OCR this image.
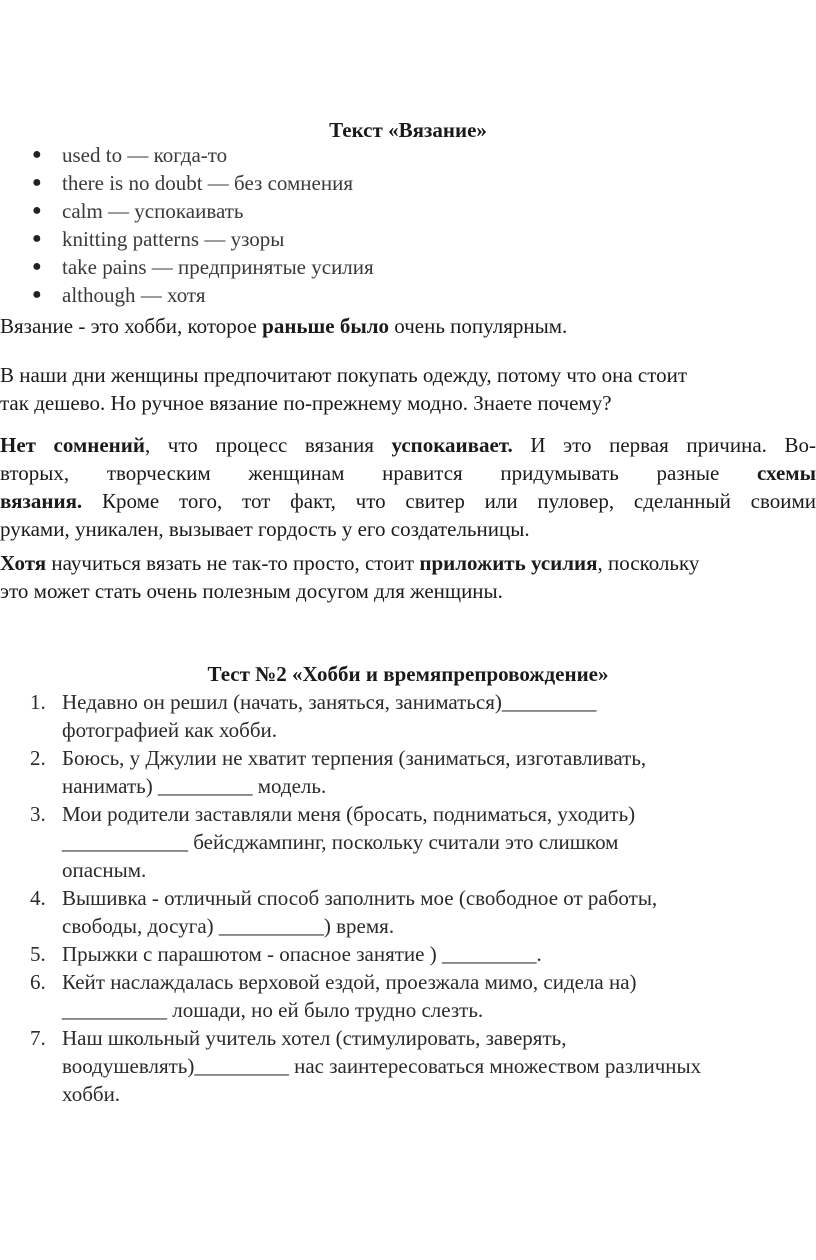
Текст «Вязание»
● used to — когда-то
● there is no doubt — без сомнения
● calm — успокаивать
● knitting patterns — узоры
● take pains — предпринятые усилия
● although — хотя

Вязание - это хобби, которое раньше было очень популярным.

В наши дни женщины предпочитают покупать одежду, потому что она стоит
так дешево. Но ручное вязание по-прежнему модно. Знаете почему?

Нет сомнений, что процесс вязания успокаивает. И это первая причина. Во-
вторых, творческим женщинам нравится придумывать разные схемы
вязания. Кроме того, тот факт, что свитер или пуловер, сделанный своими
руками, уникален, вызывает гордость у его создательницы.

Хотя научиться вязать не так-то просто, стоит приложить усилия, поскольку
это может стать очень полезным досугом для женщины.

Тест №2 «Хобби и времяпрепровождение»
1. Недавно он решил (начать, заняться, заниматься)_________
фотографией как хобби.
2. Боюсь, у Джулии не хватит терпения (заниматься, изготавливать,
нанимать) _________ модель.
3. Мои родители заставляли меня (бросать, подниматься, уходить)
____________ бейсджампинг, поскольку считали это слишком
опасным.
4. Вышивка - отличный способ заполнить мое (свободное от работы,
свободы, досуга) __________) время.
5. Прыжки с парашютом - опасное занятие ) _________.
6. Кейт наслаждалась верховой ездой, проезжала мимо, сидела на)
__________ лошади, но ей было трудно слезть.
7. Наш школьный учитель хотел (стимулировать, заверять,
воодушевлять)_________ нас заинтересоваться множеством различных
хобби.
